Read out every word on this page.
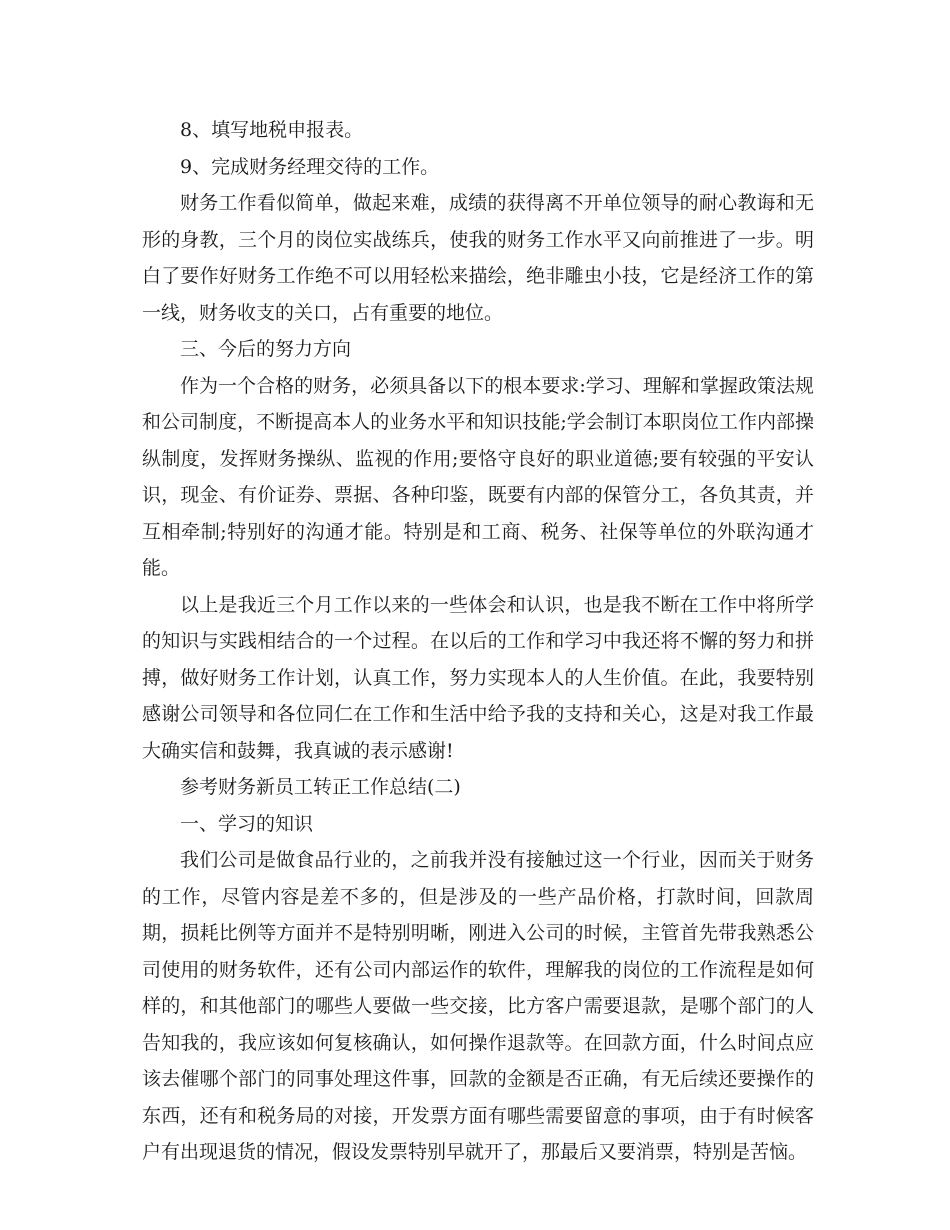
8、填写地税申报表。

9、完成财务经理交待的工作。

财务工作看似简单，做起来难，成绩的获得离不开单位领导的耐心教诲和无形的身教，三个月的岗位实战练兵，使我的财务工作水平又向前推进了一步。明白了要作好财务工作绝不可以用轻松来描绘，绝非雕虫小技，它是经济工作的第一线，财务收支的关口，占有重要的地位。

三、今后的努力方向

作为一个合格的财务，必须具备以下的根本要求:学习、理解和掌握政策法规和公司制度，不断提高本人的业务水平和知识技能;学会制订本职岗位工作内部操纵制度，发挥财务操纵、监视的作用;要恪守良好的职业道德;要有较强的平安认识，现金、有价证券、票据、各种印鉴，既要有内部的保管分工，各负其责，并互相牵制;特别好的沟通才能。特别是和工商、税务、社保等单位的外联沟通才能。

以上是我近三个月工作以来的一些体会和认识，也是我不断在工作中将所学的知识与实践相结合的一个过程。在以后的工作和学习中我还将不懈的努力和拼搏，做好财务工作计划，认真工作，努力实现本人的人生价值。在此，我要特别感谢公司领导和各位同仁在工作和生活中给予我的支持和关心，这是对我工作最大确实信和鼓舞，我真诚的表示感谢!

参考财务新员工转正工作总结(二)

一、学习的知识

我们公司是做食品行业的，之前我并没有接触过这一个行业，因而关于财务的工作，尽管内容是差不多的，但是涉及的一些产品价格，打款时间，回款周期，损耗比例等方面并不是特别明晰，刚进入公司的时候，主管首先带我熟悉公司使用的财务软件，还有公司内部运作的软件，理解我的岗位的工作流程是如何样的，和其他部门的哪些人要做一些交接，比方客户需要退款，是哪个部门的人告知我的，我应该如何复核确认，如何操作退款等。在回款方面，什么时间点应该去催哪个部门的同事处理这件事，回款的金额是否正确，有无后续还要操作的东西，还有和税务局的对接，开发票方面有哪些需要留意的事项，由于有时候客户有出现退货的情况，假设发票特别早就开了，那最后又要消票，特别是苦恼。
